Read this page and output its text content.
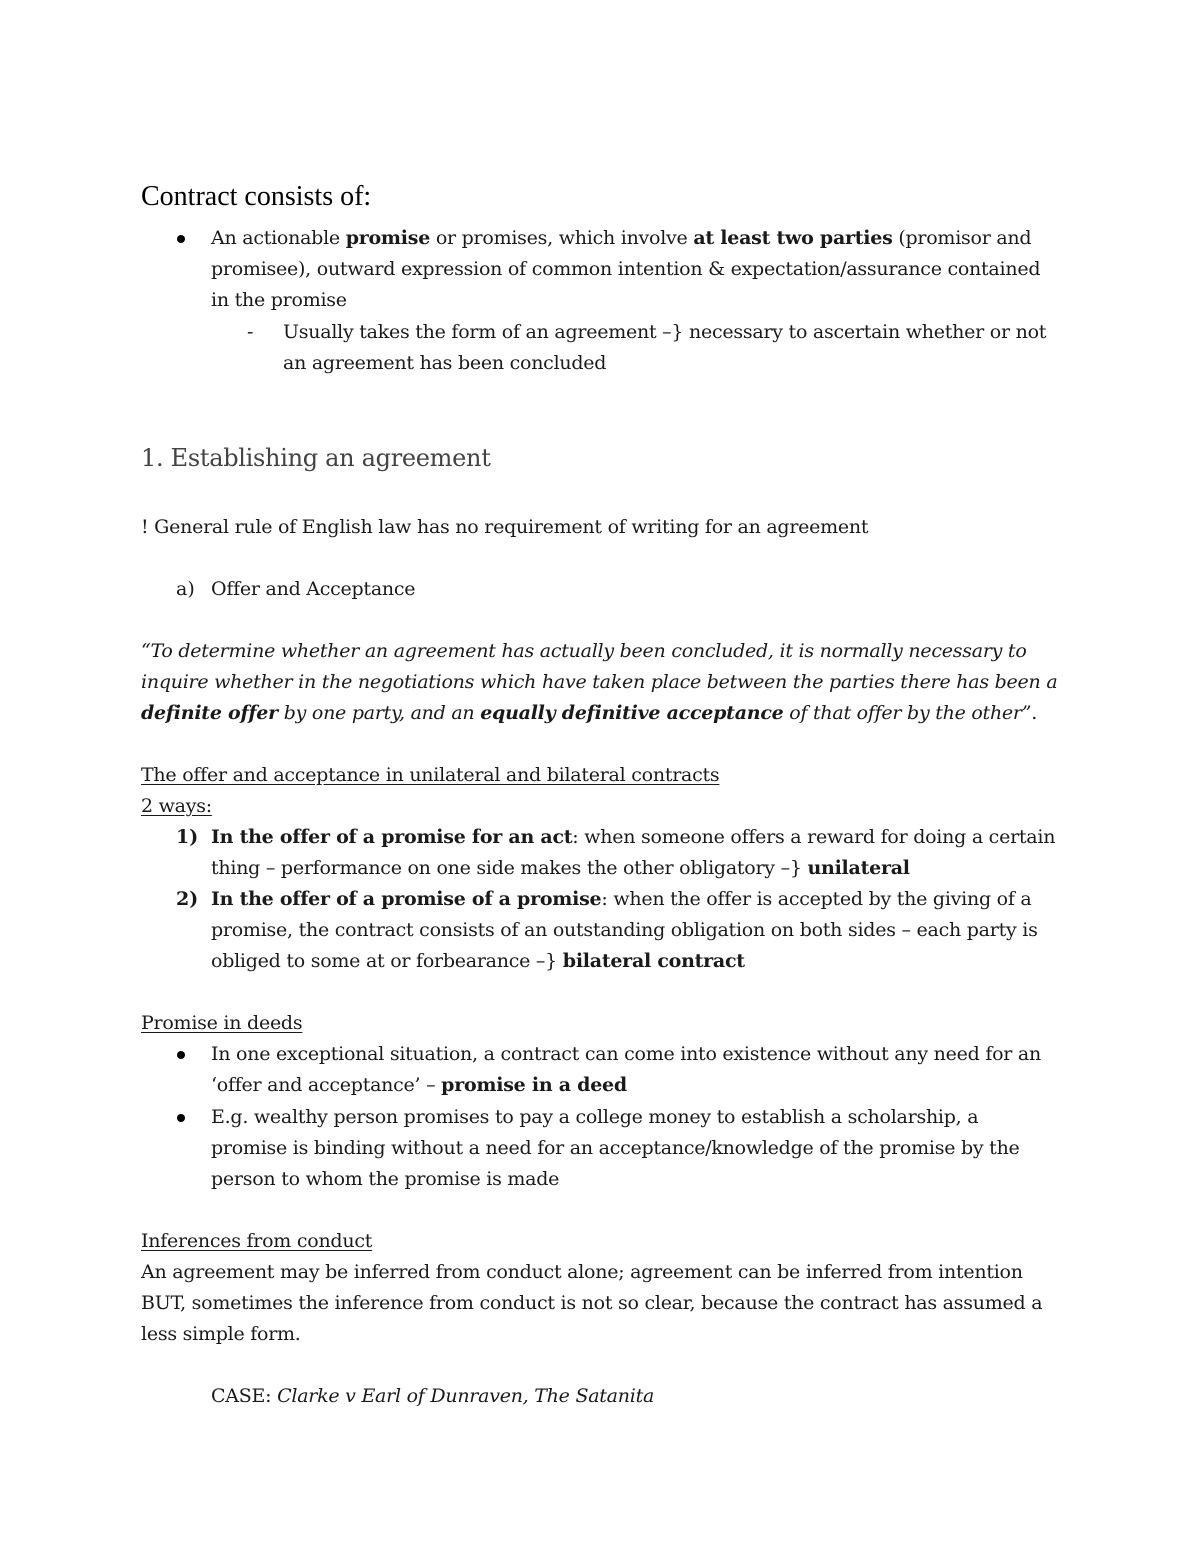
Contract consists of:
An actionable promise or promises, which involve at least two parties (promisor and
promisee), outward expression of common intention & expectation/assurance contained
in the promise
- Usually takes the form of an agreement –} necessary to ascertain whether or not
an agreement has been concluded
1. Establishing an agreement
! General rule of English law has no requirement of writing for an agreement
a) Offer and Acceptance
“To determine whether an agreement has actually been concluded, it is normally necessary to
inquire whether in the negotiations which have taken place between the parties there has been a
definite offer by one party, and an equally definitive acceptance of that offer by the other”.
The offer and acceptance in unilateral and bilateral contracts
2 ways:
1) In the offer of a promise for an act: when someone offers a reward for doing a certain
thing – performance on one side makes the other obligatory –} unilateral
2) In the offer of a promise of a promise: when the offer is accepted by the giving of a
promise, the contract consists of an outstanding obligation on both sides – each party is
obliged to some at or forbearance –} bilateral contract
Promise in deeds
In one exceptional situation, a contract can come into existence without any need for an
‘offer and acceptance’ – promise in a deed
E.g. wealthy person promises to pay a college money to establish a scholarship, a
promise is binding without a need for an acceptance/knowledge of the promise by the
person to whom the promise is made
Inferences from conduct
An agreement may be inferred from conduct alone; agreement can be inferred from intention
BUT, sometimes the inference from conduct is not so clear, because the contract has assumed a
less simple form.
CASE: Clarke v Earl of Dunraven, The Satanita
